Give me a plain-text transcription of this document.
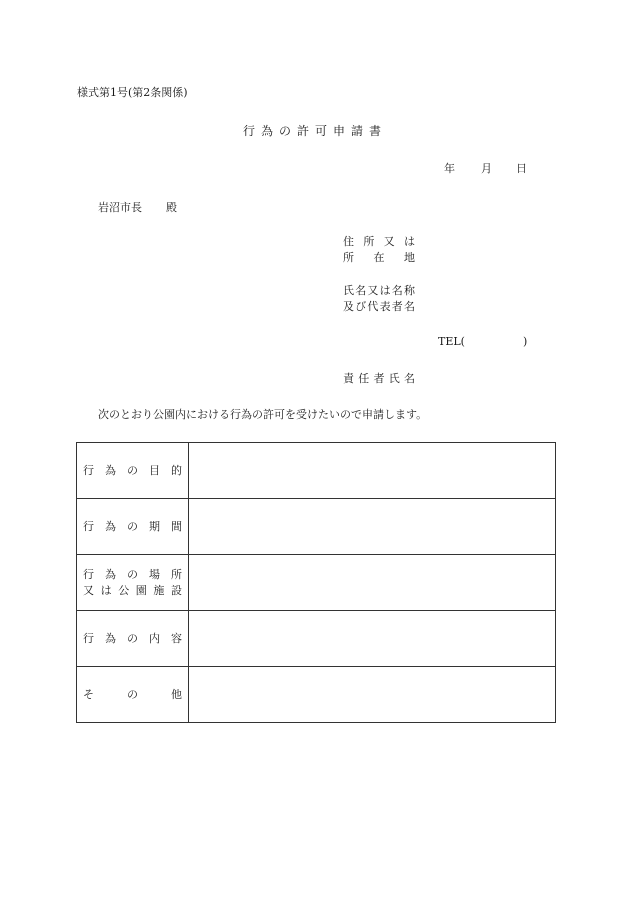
様式第1号(第2条関係)
行為の許可申請書
年 月 日
岩沼市長 殿
住所又は
所在地
氏名又は名称
及び代表者名
TEL(	)
責任者氏名
次のとおり公園内における行為の許可を受けたいので申請します。
行為の目的	

行為の期間	

行為の場所
又は公園施設	

行為の内容	

そ の 他	
